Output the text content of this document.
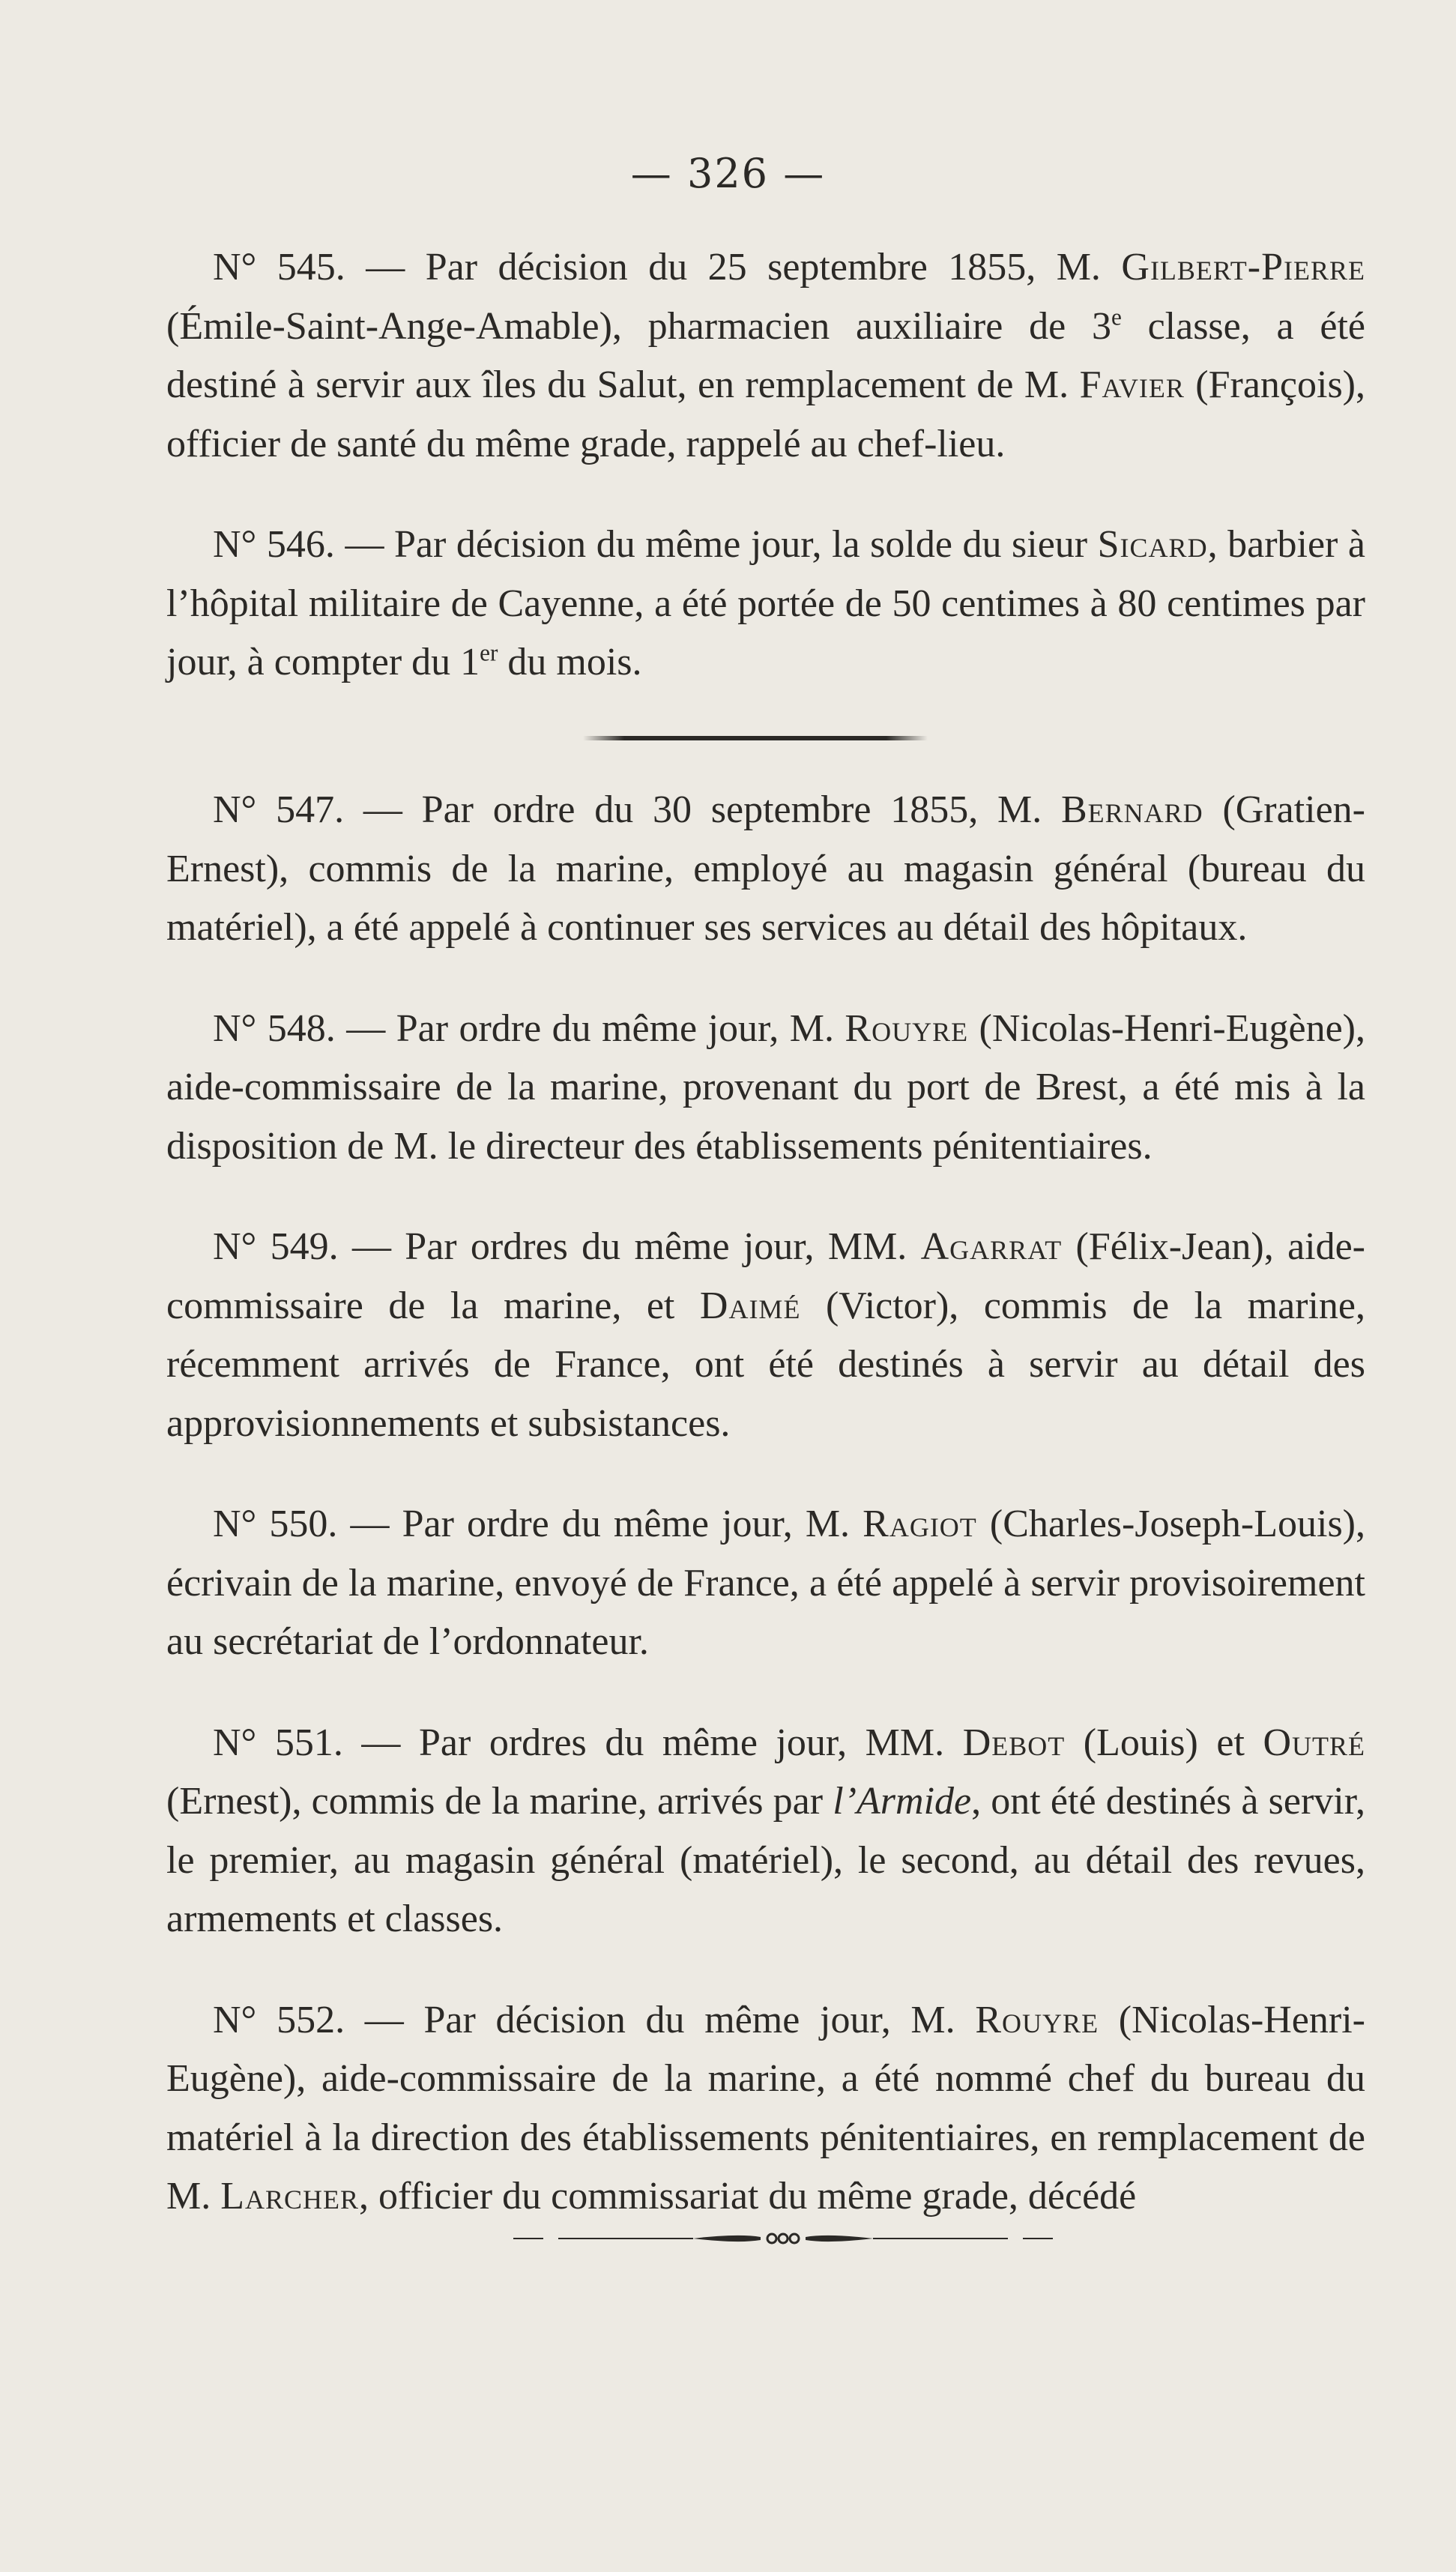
— 326 —

N° 545. — Par décision du 25 septembre 1855, M. Gilbert-Pierre (Émile-Saint-Ange-Amable), pharmacien auxiliaire de 3e classe, a été destiné à servir aux îles du Salut, en remplacement de M. Favier (François), officier de santé du même grade, rappelé au chef-lieu.

N° 546. — Par décision du même jour, la solde du sieur Sicard, barbier à l’hôpital militaire de Cayenne, a été portée de 50 centimes à 80 centimes par jour, à compter du 1er du mois.

N° 547. — Par ordre du 30 septembre 1855, M. Bernard (Gratien-Ernest), commis de la marine, employé au magasin général (bureau du matériel), a été appelé à continuer ses services au détail des hôpitaux.

N° 548. — Par ordre du même jour, M. Rouyre (Nicolas-Henri-Eugène), aide-commissaire de la marine, provenant du port de Brest, a été mis à la disposition de M. le directeur des établissements pénitentiaires.

N° 549. — Par ordres du même jour, MM. Agarrat (Félix-Jean), aide-commissaire de la marine, et Daimé (Victor), commis de la marine, récemment arrivés de France, ont été destinés à servir au détail des approvisionnements et subsistances.

N° 550. — Par ordre du même jour, M. Ragiot (Charles-Joseph-Louis), écrivain de la marine, envoyé de France, a été appelé à servir provisoirement au secrétariat de l’ordonnateur.

N° 551. — Par ordres du même jour, MM. Debot (Louis) et Outré (Ernest), commis de la marine, arrivés par l’Armide, ont été destinés à servir, le premier, au magasin général (matériel), le second, au détail des revues, armements et classes.

N° 552. — Par décision du même jour, M. Rouyre (Nicolas-Henri-Eugène), aide-commissaire de la marine, a été nommé chef du bureau du matériel à la direction des établissements pénitentiaires, en remplacement de M. Larcher, officier du commissariat du même grade, décédé
